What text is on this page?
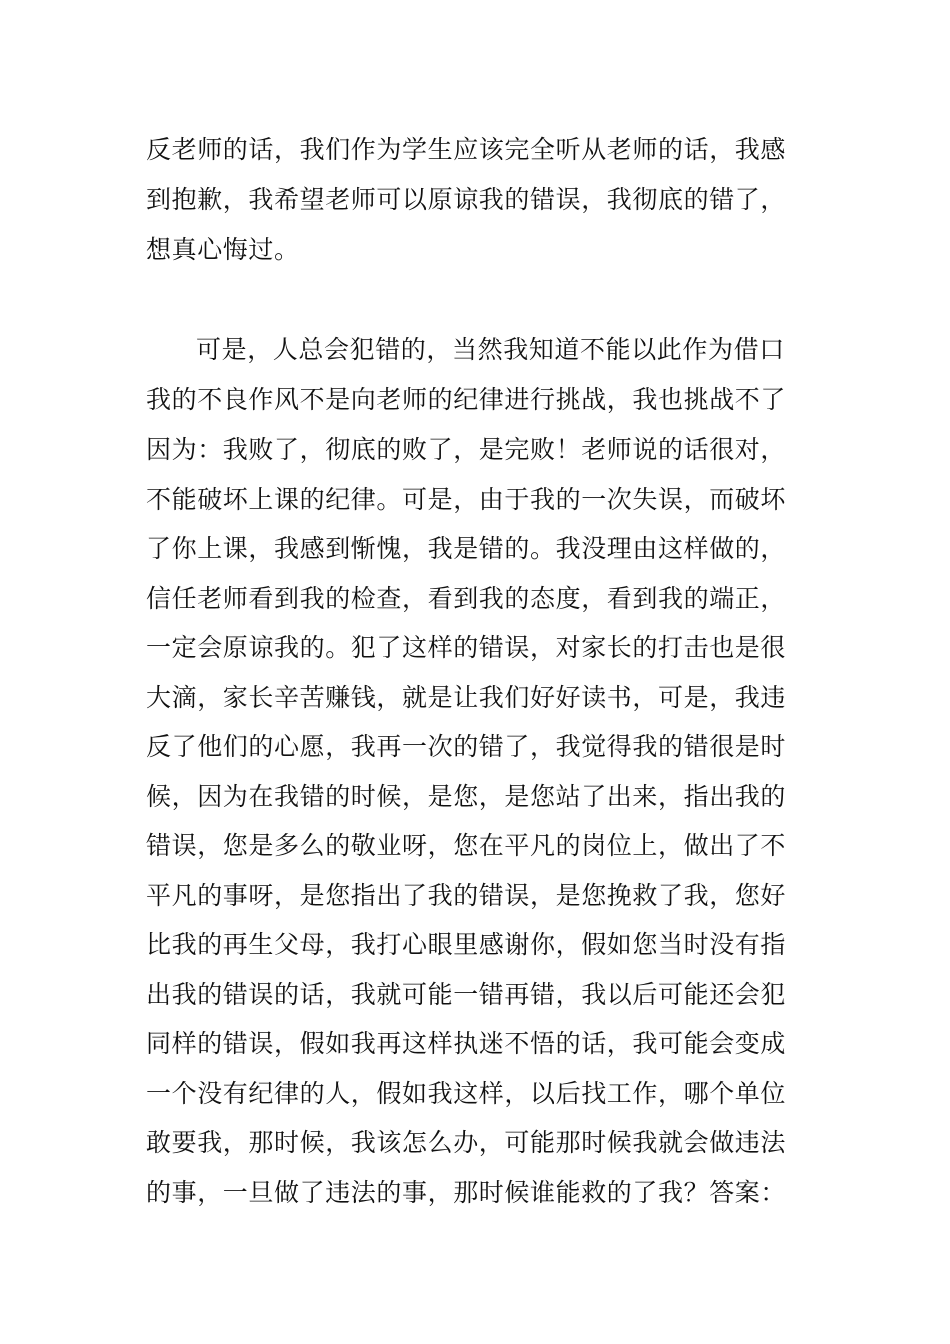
反老师的话，我们作为学生应该完全听从老师的话，我感
到抱歉，我希望老师可以原谅我的错误，我彻底的错了，
想真心悔过。
可是，人总会犯错的，当然我知道不能以此作为借口
我的不良作风不是向老师的纪律进行挑战，我也挑战不了
因为：我败了，彻底的败了，是完败！老师说的话很对，
不能破坏上课的纪律。可是，由于我的一次失误，而破坏
了你上课，我感到惭愧，我是错的。我没理由这样做的，
信任老师看到我的检查，看到我的态度，看到我的端正，
一定会原谅我的。犯了这样的错误，对家长的打击也是很
大滴，家长辛苦赚钱，就是让我们好好读书，可是，我违
反了他们的心愿，我再一次的错了，我觉得我的错很是时
候，因为在我错的时候，是您，是您站了出来，指出我的
错误，您是多么的敬业呀，您在平凡的岗位上，做出了不
平凡的事呀，是您指出了我的错误，是您挽救了我，您好
比我的再生父母，我打心眼里感谢你，假如您当时没有指
出我的错误的话，我就可能一错再错，我以后可能还会犯
同样的错误，假如我再这样执迷不悟的话，我可能会变成
一个没有纪律的人，假如我这样，以后找工作，哪个单位
敢要我，那时候，我该怎么办，可能那时候我就会做违法
的事，一旦做了违法的事，那时候谁能救的了我？答案：
